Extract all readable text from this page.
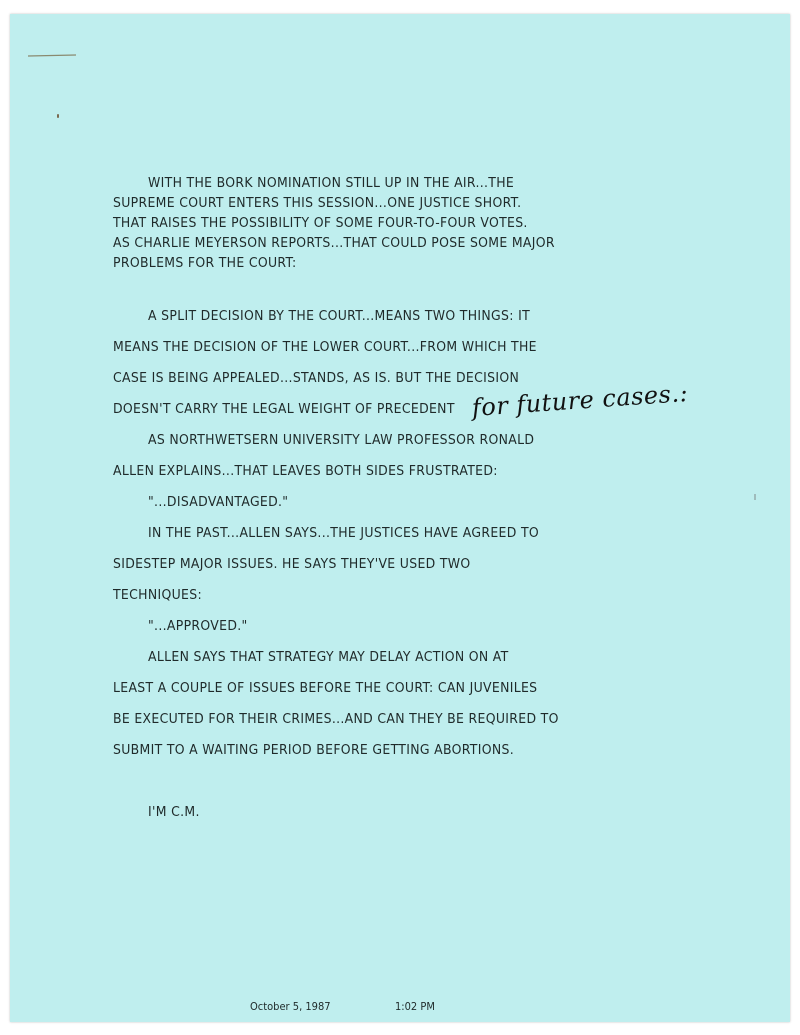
WITH THE BORK NOMINATION STILL UP IN THE AIR...THE
SUPREME COURT ENTERS THIS SESSION...ONE JUSTICE SHORT.
THAT RAISES THE POSSIBILITY OF SOME FOUR-TO-FOUR VOTES.
AS CHARLIE MEYERSON REPORTS...THAT COULD POSE SOME MAJOR
PROBLEMS FOR THE COURT:
A SPLIT DECISION BY THE COURT...MEANS TWO THINGS: IT
MEANS THE DECISION OF THE LOWER COURT...FROM WHICH THE
CASE IS BEING APPEALED...STANDS, AS IS. BUT THE DECISION
DOESN'T CARRY THE LEGAL WEIGHT OF PRECEDENT for future cases.:
AS NORTHWETSERN UNIVERSITY LAW PROFESSOR RONALD
ALLEN EXPLAINS...THAT LEAVES BOTH SIDES FRUSTRATED:
"...DISADVANTAGED."
IN THE PAST...ALLEN SAYS...THE JUSTICES HAVE AGREED TO
SIDESTEP MAJOR ISSUES. HE SAYS THEY'VE USED TWO
TECHNIQUES:
"...APPROVED."
ALLEN SAYS THAT STRATEGY MAY DELAY ACTION ON AT
LEAST A COUPLE OF ISSUES BEFORE THE COURT: CAN JUVENILES
BE EXECUTED FOR THEIR CRIMES...AND CAN THEY BE REQUIRED TO
SUBMIT TO A WAITING PERIOD BEFORE GETTING ABORTIONS.
I'M C.M.
October 5, 1987	1:02 PM
